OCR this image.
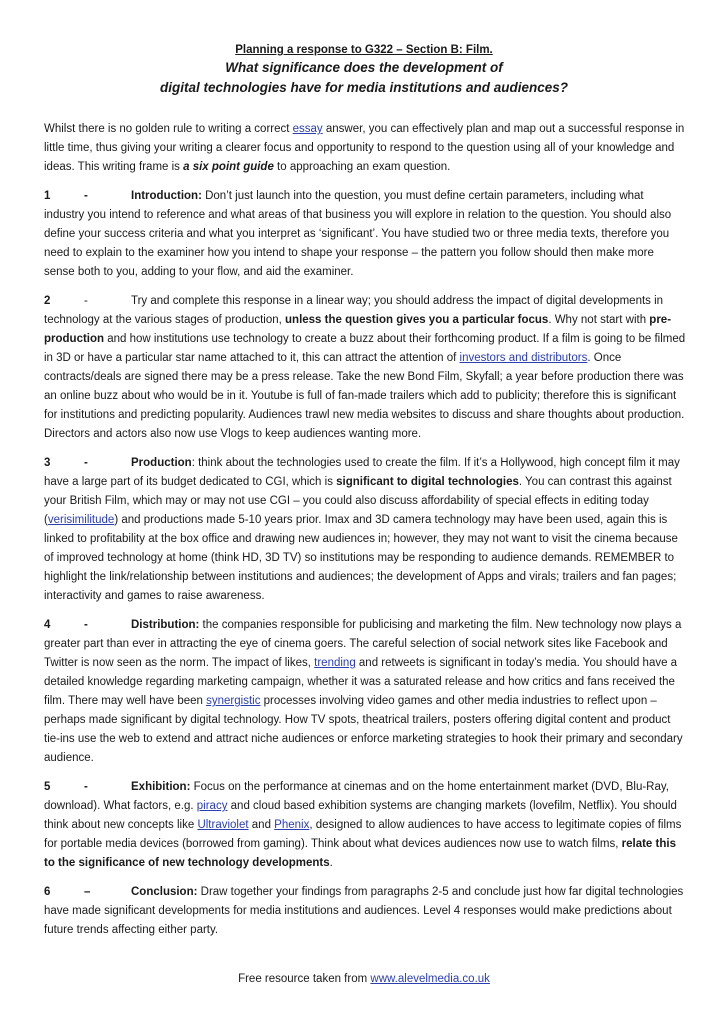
Planning a response to G322 – Section B: Film.
What significance does the development of
digital technologies have for media institutions and audiences?

Whilst there is no golden rule to writing a correct essay answer, you can effectively plan and map out a successful response in little time, thus giving your writing a clearer focus and opportunity to respond to the question using all of your knowledge and ideas. This writing frame is a six point guide to approaching an exam question.

1	-	Introduction: Don’t just launch into the question, you must define certain parameters, including what industry you intend to reference and what areas of that business you will explore in relation to the question. You should also define your success criteria and what you interpret as ‘significant’. You have studied two or three media texts, therefore you need to explain to the examiner how you intend to shape your response – the pattern you follow should then make more sense both to you, adding to your flow, and aid the examiner.

2	-	Try and complete this response in a linear way; you should address the impact of digital developments in technology at the various stages of production, unless the question gives you a particular focus. Why not start with pre-production and how institutions use technology to create a buzz about their forthcoming product. If a film is going to be filmed in 3D or have a particular star name attached to it, this can attract the attention of investors and distributors. Once contracts/deals are signed there may be a press release. Take the new Bond Film, Skyfall; a year before production there was an online buzz about who would be in it. Youtube is full of fan-made trailers which add to publicity; therefore this is significant for institutions and predicting popularity. Audiences trawl new media websites to discuss and share thoughts about production. Directors and actors also now use Vlogs to keep audiences wanting more.

3	-	Production: think about the technologies used to create the film. If it’s a Hollywood, high concept film it may have a large part of its budget dedicated to CGI, which is significant to digital technologies. You can contrast this against your British Film, which may or may not use CGI – you could also discuss affordability of special effects in editing today (verisimilitude) and productions made 5-10 years prior. Imax and 3D camera technology may have been used, again this is linked to profitability at the box office and drawing new audiences in; however, they may not want to visit the cinema because of improved technology at home (think HD, 3D TV) so institutions may be responding to audience demands. REMEMBER to highlight the link/relationship between institutions and audiences; the development of Apps and virals; trailers and fan pages; interactivity and games to raise awareness.

4	-	Distribution: the companies responsible for publicising and marketing the film. New technology now plays a greater part than ever in attracting the eye of cinema goers. The careful selection of social network sites like Facebook and Twitter is now seen as the norm. The impact of likes, trending and retweets is significant in today’s media. You should have a detailed knowledge regarding marketing campaign, whether it was a saturated release and how critics and fans received the film. There may well have been synergistic processes involving video games and other media industries to reflect upon – perhaps made significant by digital technology. How TV spots, theatrical trailers, posters offering digital content and product tie-ins use the web to extend and attract niche audiences or enforce marketing strategies to hook their primary and secondary audience.

5	-	Exhibition: Focus on the performance at cinemas and on the home entertainment market (DVD, Blu-Ray, download). What factors, e.g. piracy and cloud based exhibition systems are changing markets (lovefilm, Netflix). You should think about new concepts like Ultraviolet and Phenix, designed to allow audiences to have access to legitimate copies of films for portable media devices (borrowed from gaming). Think about what devices audiences now use to watch films, relate this to the significance of new technology developments.

6	–	Conclusion: Draw together your findings from paragraphs 2-5 and conclude just how far digital technologies have made significant developments for media institutions and audiences. Level 4 responses would make predictions about future trends affecting either party.

Free resource taken from www.alevelmedia.co.uk
